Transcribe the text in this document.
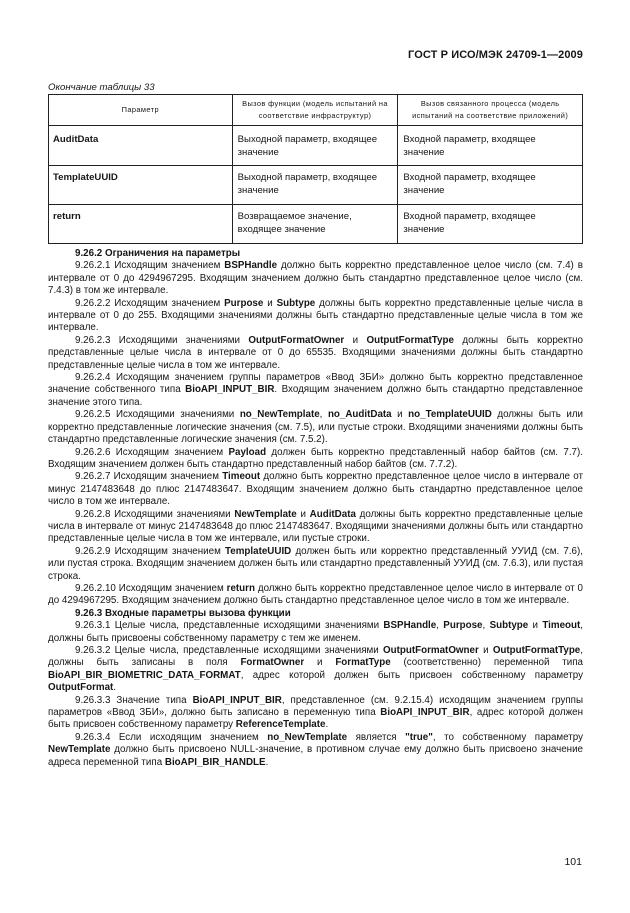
ГОСТ Р ИСО/МЭК 24709-1—2009
Окончание таблицы 33
Параметр	Вызов функции (модель испытаний на соответствие инфраструктур)	Вызов связанного процесса (модель испытаний на соответствие приложений)
AuditData	Выходной параметр, входящее значение	Входной параметр, входящее значение
TemplateUUID	Выходной параметр, входящее значение	Входной параметр, входящее значение
return	Возвращаемое значение, входящее значение	Входной параметр, входящее значение

9.26.2 Ограничения на параметры

9.26.2.1 Исходящим значением BSPHandle должно быть корректно представленное целое число (см. 7.4) в интервале от 0 до 4294967295. Входящим значением должно быть стандартно представленное целое число (см. 7.4.3) в том же интервале.

9.26.2.2 Исходящим значением Purpose и Subtype должны быть корректно представленные целые числа в интервале от 0 до 255. Входящими значениями должны быть стандартно представленные целые числа в том же интервале.

9.26.2.3 Исходящими значениями OutputFormatOwner и OutputFormatType должны быть корректно представленные целые числа в интервале от 0 до 65535. Входящими значениями должны быть стандартно представленные целые числа в том же интервале.

9.26.2.4 Исходящим значением группы параметров «Ввод ЗБИ» должно быть корректно представленное значение собственного типа BioAPI_INPUT_BIR. Входящим значением должно быть стандартно представленное значение этого типа.

9.26.2.5 Исходящими значениями no_NewTemplate, no_AuditData и no_TemplateUUID должны быть или корректно представленные логические значения (см. 7.5), или пустые строки. Входящими значениями должны быть стандартно представленные логические значения (см. 7.5.2).

9.26.2.6 Исходящим значением Payload должен быть корректно представленный набор байтов (см. 7.7). Входящим значением должен быть стандартно представленный набор байтов (см. 7.7.2).

9.26.2.7 Исходящим значением Timeout должно быть корректно представленное целое число в интервале от минус 2147483648 до плюс 2147483647. Входящим значением должно быть стандартно представленное целое число в том же интервале.

9.26.2.8 Исходящими значениями NewTemplate и AuditData должны быть корректно представленные целые числа в интервале от минус 2147483648 до плюс 2147483647. Входящими значениями должны быть или стандартно представленные целые числа в том же интервале, или пустые строки.

9.26.2.9 Исходящим значением TemplateUUID должен быть или корректно представленный УУИД (см. 7.6), или пустая строка. Входящим значением должен быть или стандартно представленный УУИД (см. 7.6.3), или пустая строка.

9.26.2.10 Исходящим значением return должно быть корректно представленное целое число в интервале от 0 до 4294967295. Входящим значением должно быть стандартно представленное целое число в том же интервале.

9.26.3 Входные параметры вызова функции

9.26.3.1 Целые числа, представленные исходящими значениями BSPHandle, Purpose, Subtype и Timeout, должны быть присвоены собственному параметру с тем же именем.

9.26.3.2 Целые числа, представленные исходящими значениями OutputFormatOwner и OutputFormatType, должны быть записаны в поля FormatOwner и FormatType (соответственно) переменной типа BioAPI_BIR_BIOMETRIC_DATA_FORMAT, адрес которой должен быть присвоен собственному параметру OutputFormat.

9.26.3.3 Значение типа BioAPI_INPUT_BIR, представленное (см. 9.2.15.4) исходящим значением группы параметров «Ввод ЗБИ», должно быть записано в переменную типа BioAPI_INPUT_BIR, адрес которой должен быть присвоен собственному параметру ReferenceTemplate.

9.26.3.4 Если исходящим значением no_NewTemplate является "true", то собственному параметру NewTemplate должно быть присвоено NULL-значение, в противном случае ему должно быть присвоено значение адреса переменной типа BioAPI_BIR_HANDLE.

101
